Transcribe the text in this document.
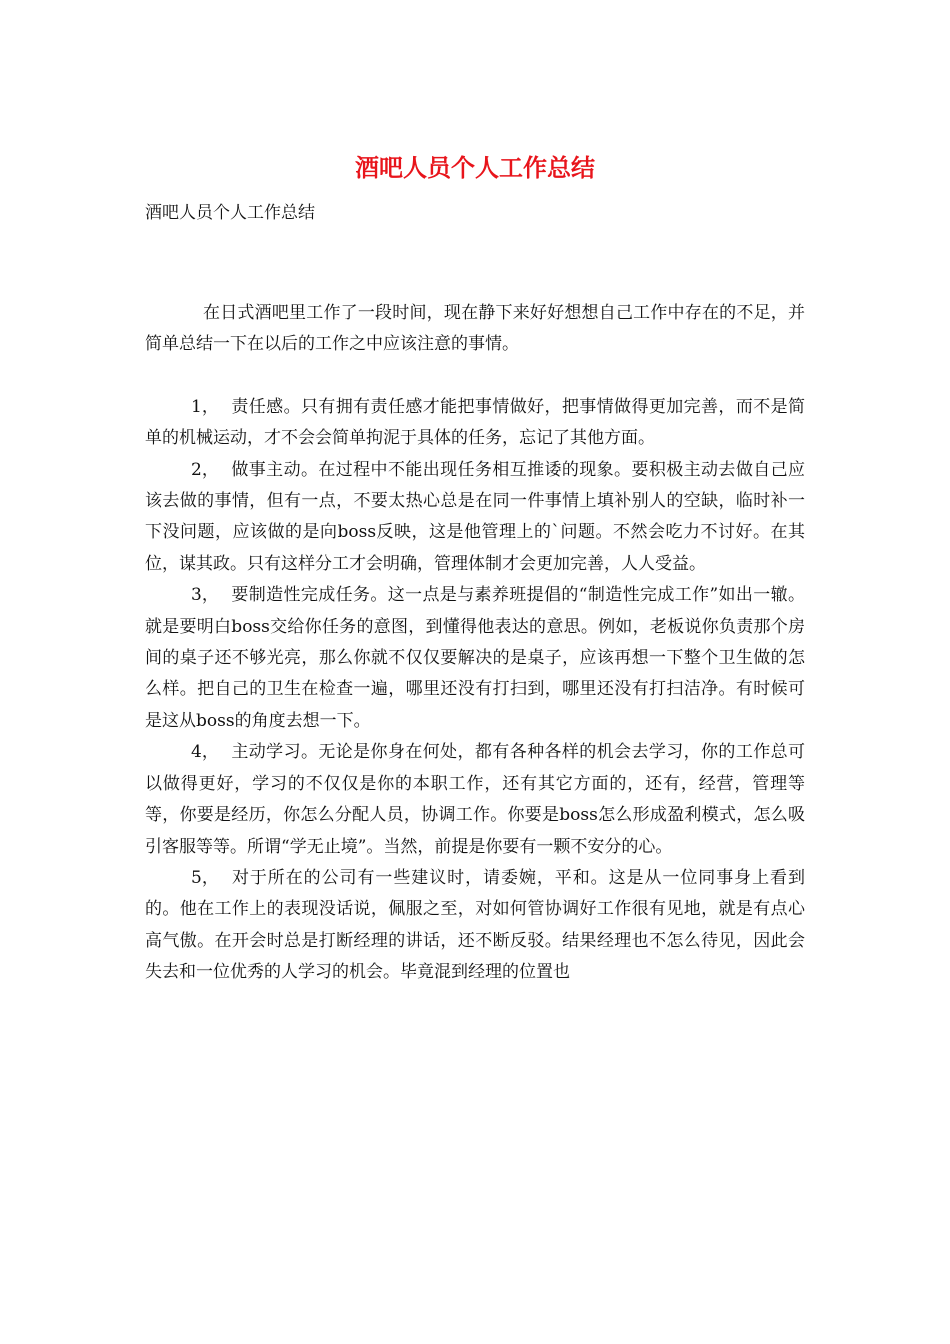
酒吧人员个人工作总结
酒吧人员个人工作总结

在日式酒吧里工作了一段时间，现在静下来好好想想自己工作中存在的不足，并简单总结一下在以后的工作之中应该注意的事情。

1， 责任感。只有拥有责任感才能把事情做好，把事情做得更加完善，而不是简单的机械运动，才不会会简单拘泥于具体的任务，忘记了其他方面。

2， 做事主动。在过程中不能出现任务相互推诿的现象。要积极主动去做自己应该去做的事情，但有一点，不要太热心总是在同一件事情上填补别人的空缺，临时补一下没问题，应该做的是向boss反映，这是他管理上的`问题。不然会吃力不讨好。在其位，谋其政。只有这样分工才会明确，管理体制才会更加完善，人人受益。

3， 要制造性完成任务。这一点是与素养班提倡的“制造性完成工作”如出一辙。就是要明白boss交给你任务的意图，到懂得他表达的意思。例如，老板说你负责那个房间的桌子还不够光亮，那么你就不仅仅要解决的是桌子，应该再想一下整个卫生做的怎么样。把自己的卫生在检查一遍，哪里还没有打扫到，哪里还没有打扫洁净。有时候可是这从boss的角度去想一下。

4， 主动学习。无论是你身在何处，都有各种各样的机会去学习，你的工作总可以做得更好，学习的不仅仅是你的本职工作，还有其它方面的，还有，经营，管理等等，你要是经历，你怎么分配人员，协调工作。你要是boss怎么形成盈利模式，怎么吸引客服等等。所谓“学无止境”。当然，前提是你要有一颗不安分的心。

5， 对于所在的公司有一些建议时，请委婉，平和。这是从一位同事身上看到的。他在工作上的表现没话说，佩服之至，对如何管协调好工作很有见地，就是有点心高气傲。在开会时总是打断经理的讲话，还不断反驳。结果经理也不怎么待见，因此会失去和一位优秀的人学习的机会。毕竟混到经理的位置也
